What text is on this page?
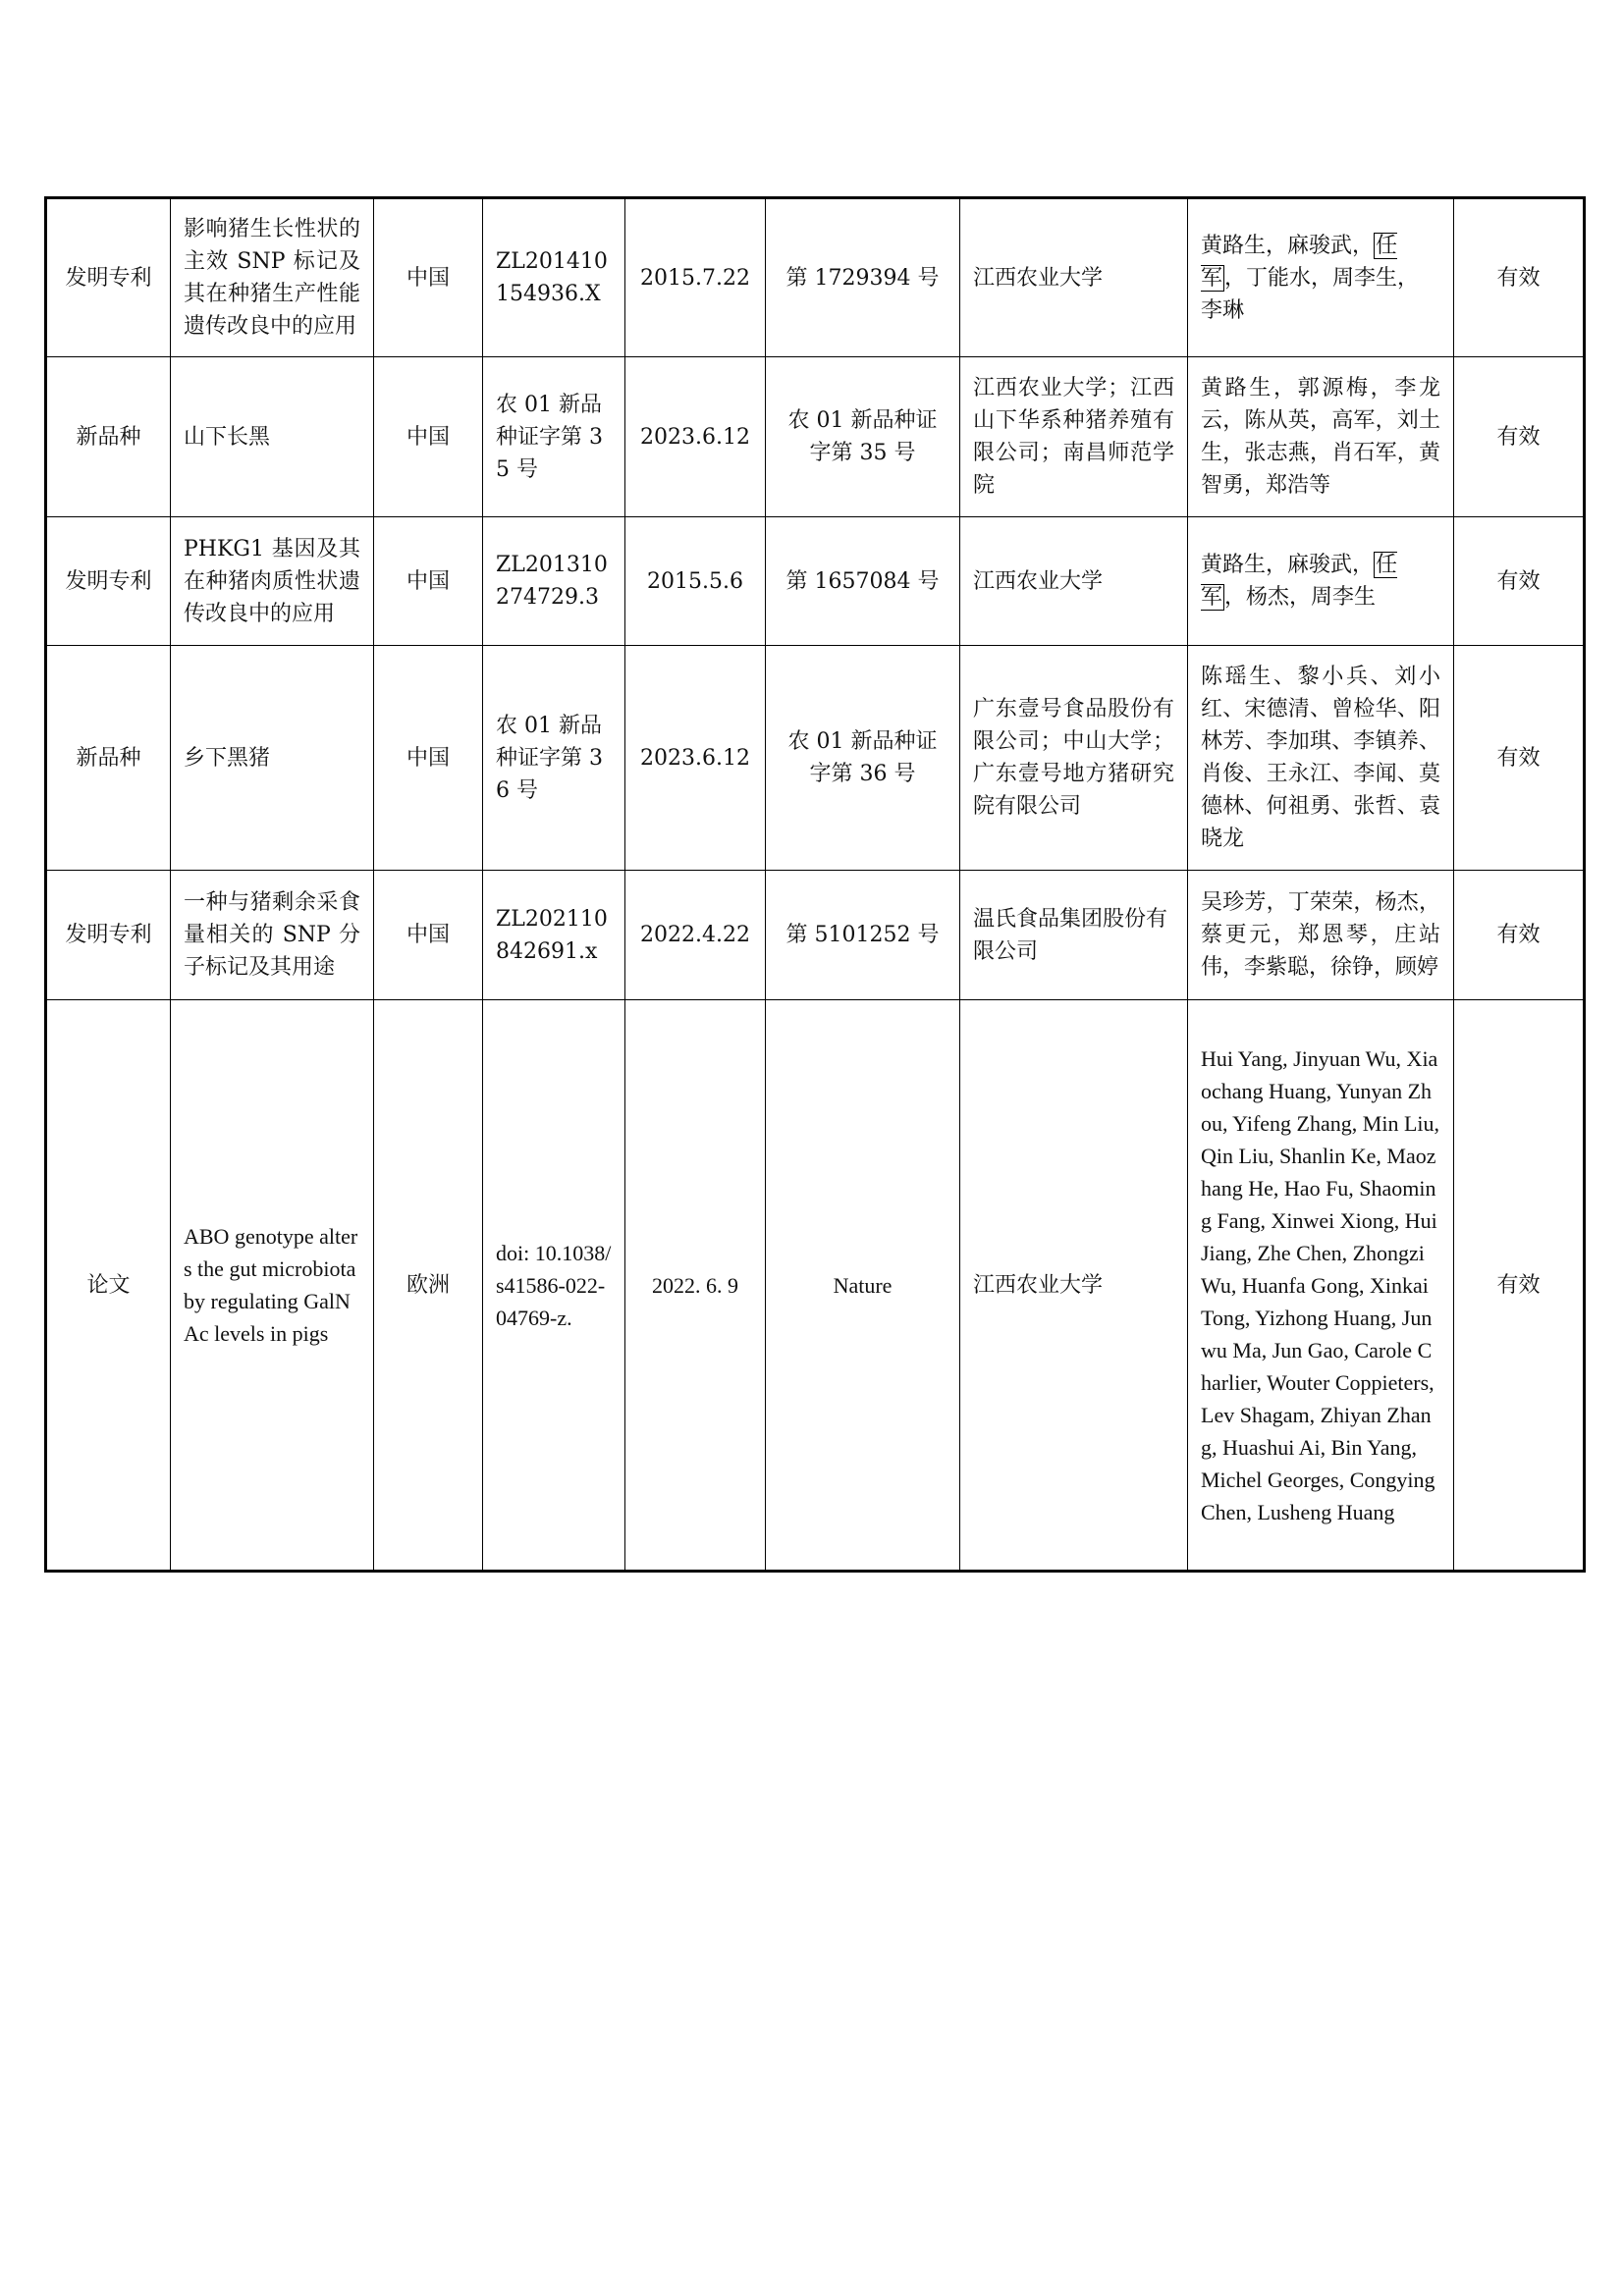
发明专利	影响猪生长性状的主效 SNP 标记及其在种猪生产性能遗传改良中的应用	中国	ZL201410154936.X	2015.7.22	第 1729394 号	江西农业大学	黄路生，麻骏武，任军，丁能水，周李生，李琳	有效
新品种	山下长黑	中国	农 01 新品种证字第 35 号	2023.6.12	农 01 新品种证字第 35 号	江西农业大学；江西山下华系种猪养殖有限公司；南昌师范学院	黄路生，郭源梅，李龙云，陈从英，高军，刘土生，张志燕，肖石军，黄智勇，郑浩等	有效
发明专利	PHKG1 基因及其在种猪肉质性状遗传改良中的应用	中国	ZL201310274729.3	2015.5.6	第 1657084 号	江西农业大学	黄路生，麻骏武，任军，杨杰，周李生	有效
新品种	乡下黑猪	中国	农 01 新品种证字第 36 号	2023.6.12	农 01 新品种证字第 36 号	广东壹号食品股份有限公司；中山大学；广东壹号地方猪研究院有限公司	陈瑶生、黎小兵、刘小红、宋德清、曾检华、阳林芳、李加琪、李镇养、肖俊、王永江、李闻、莫德林、何祖勇、张哲、袁晓龙	有效
发明专利	一种与猪剩余采食量相关的 SNP 分子标记及其用途	中国	ZL202110842691.x	2022.4.22	第 5101252 号	温氏食品集团股份有限公司	吴珍芳，丁荣荣，杨杰，蔡更元，郑恩琴，庄站伟，李紫聪，徐铮，顾婷	有效
论文	ABO genotype alters the gut microbiota by regulating GalNAc levels in pigs	欧洲	doi: 10.1038/s41586-022-04769-z.	2022. 6. 9	Nature	江西农业大学	Hui Yang, Jinyuan Wu, Xiaochang Huang, Yunyan Zhou, Yifeng Zhang, Min Liu, Qin Liu, Shanlin Ke, Maozhang He, Hao Fu, Shaoming Fang, Xinwei Xiong, Hui Jiang, Zhe Chen, Zhongzi Wu, Huanfa Gong, Xinkai Tong, Yizhong Huang, Junwu Ma, Jun Gao, Carole Charlier, Wouter Coppieters, Lev Shagam, Zhiyan Zhang, Huashui Ai, Bin Yang, Michel Georges, Congying Chen, Lusheng Huang	有效
